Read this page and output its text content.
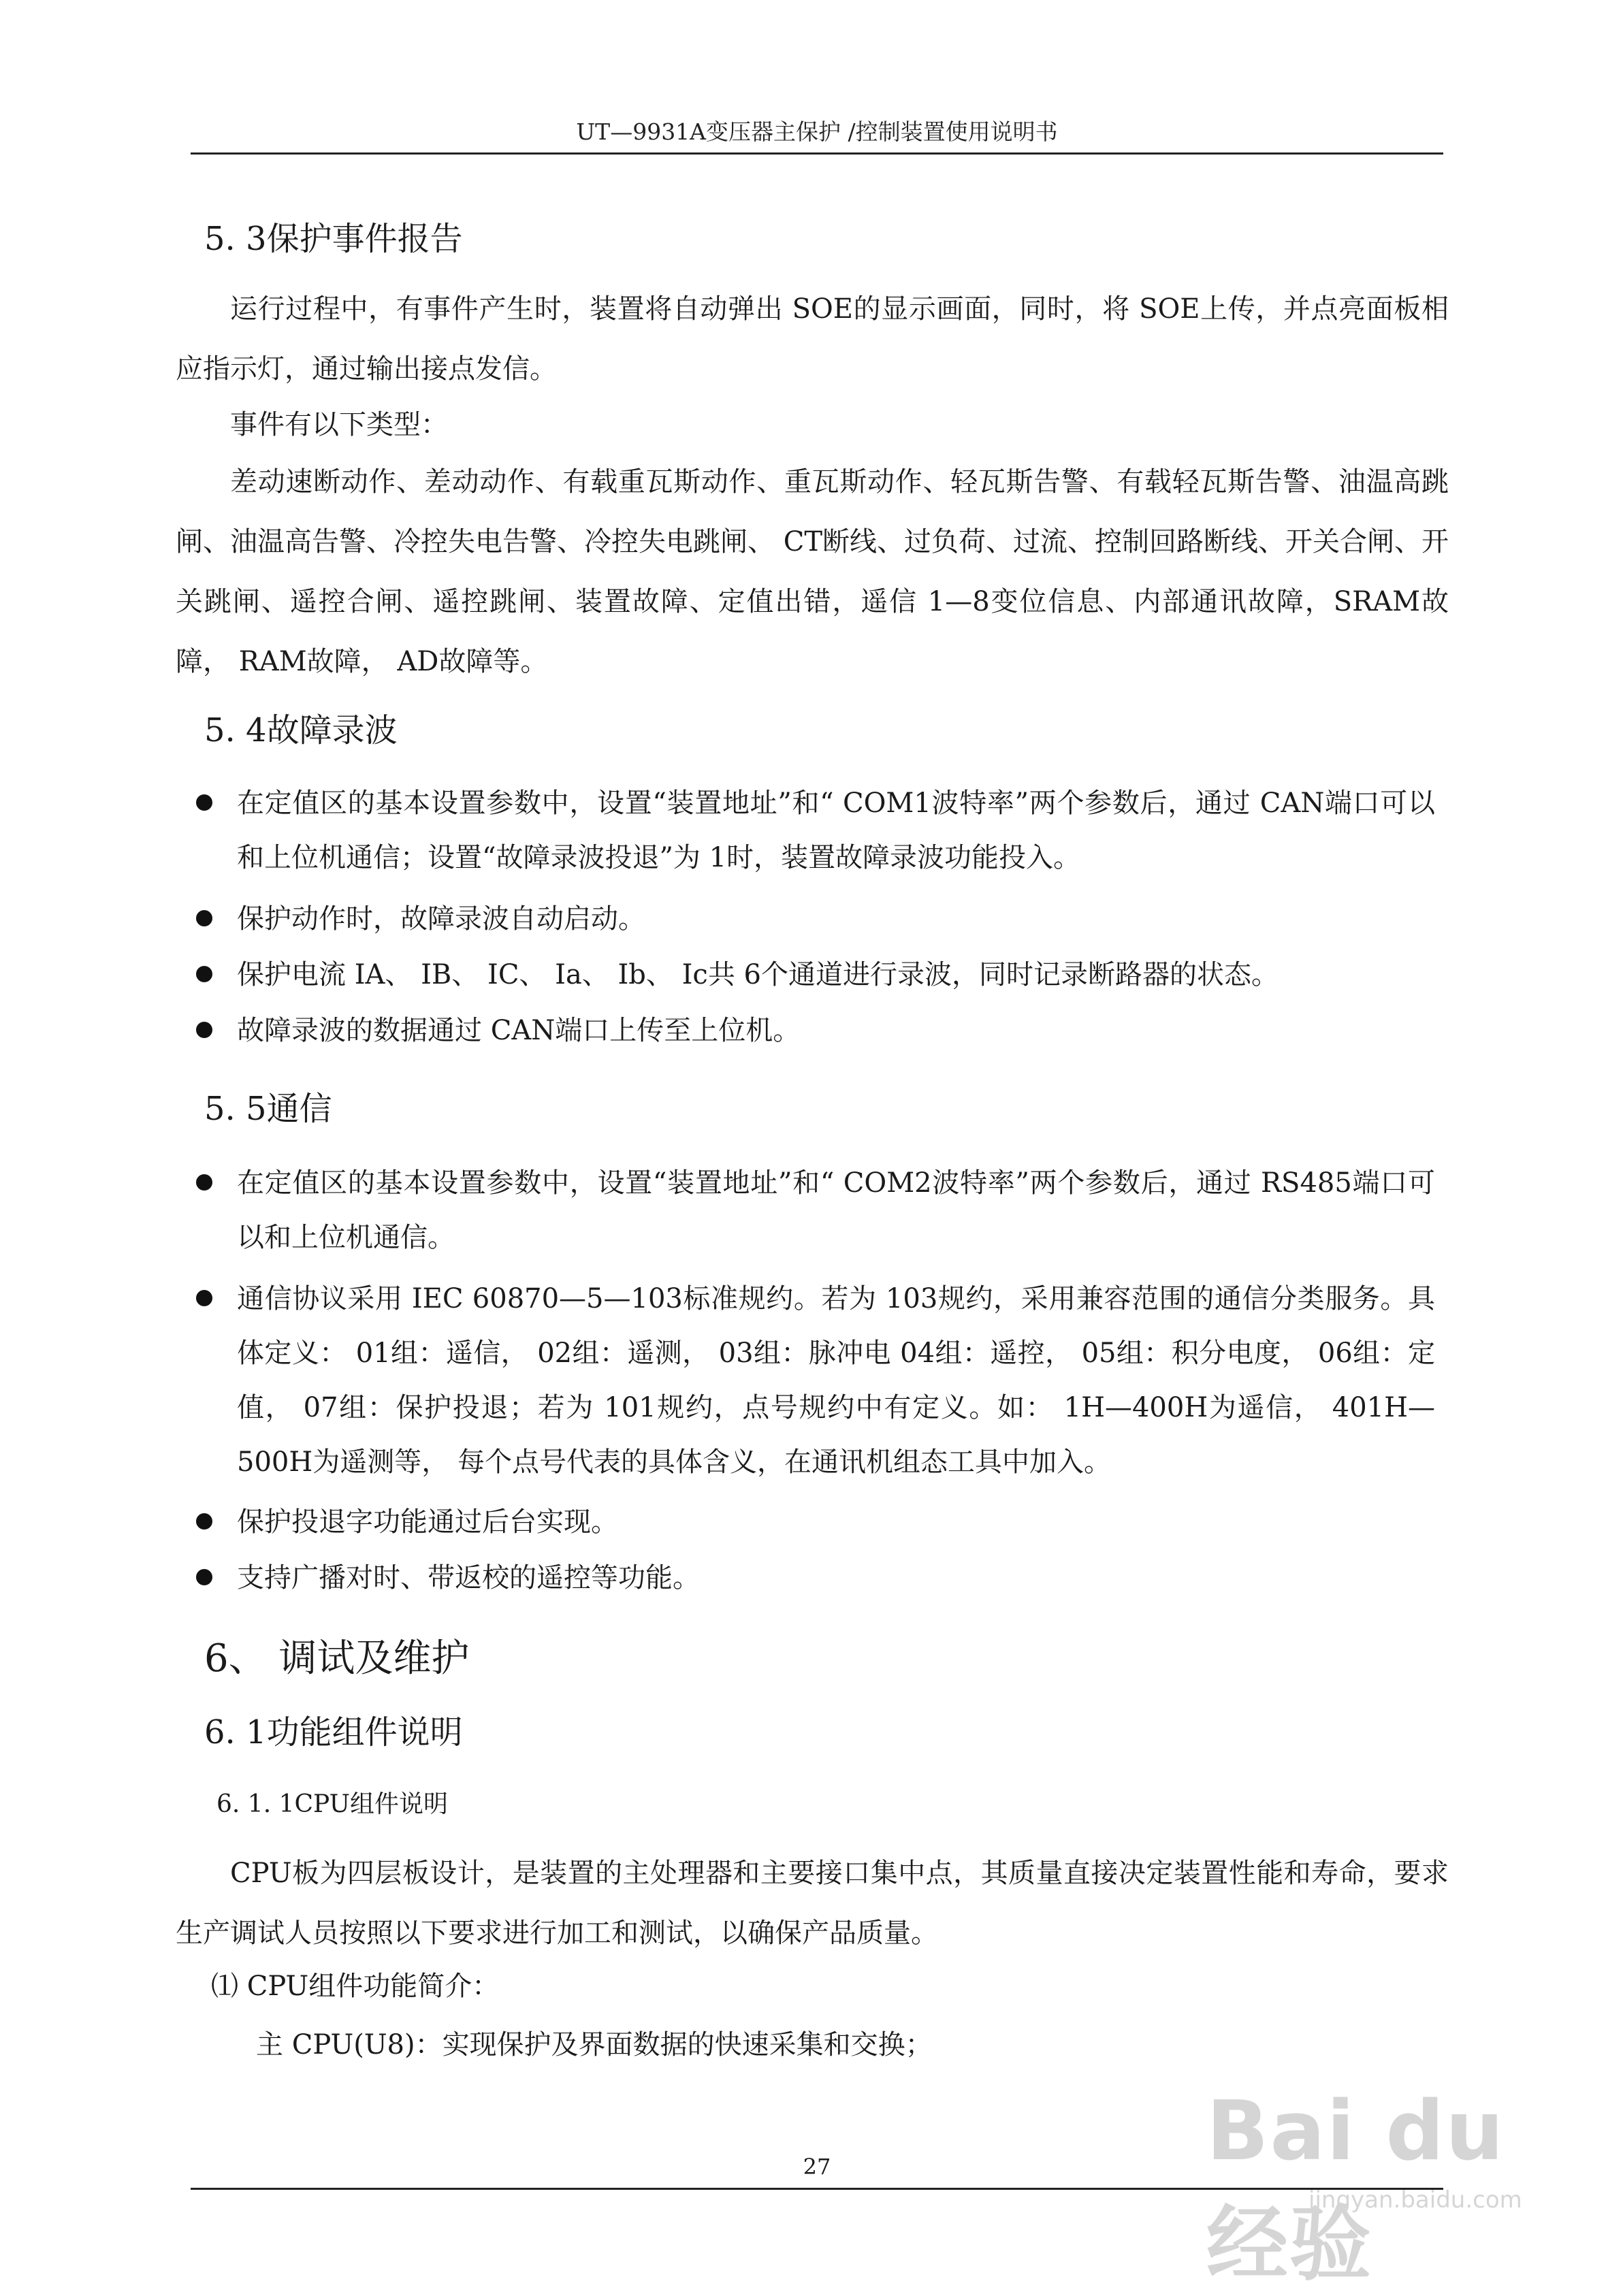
UT—9931A变压器主保护 /控制装置使用说明书
5. 3保护事件报告
运行过程中，有事件产生时，装置将自动弹出 SOE的显示画面，同时，将 SOE上传，并点亮面板相应指示灯，通过输出接点发信。
事件有以下类型：
差动速断动作、差动动作、有载重瓦斯动作、重瓦斯动作、轻瓦斯告警、有载轻瓦斯告警、油温高跳闸、油温高告警、冷控失电告警、冷控失电跳闸、 CT断线、过负荷、过流、控制回路断线、开关合闸、开关跳闸、遥控合闸、遥控跳闸、装置故障、定值出错，遥信 1—8变位信息、内部通讯故障，SRAM故障， RAM故障， AD故障等。
5. 4故障录波
在定值区的基本设置参数中，设置“装置地址”和“ COM1波特率”两个参数后，通过 CAN端口可以和上位机通信；设置“故障录波投退”为 1时，装置故障录波功能投入。
保护动作时，故障录波自动启动。
保护电流 IA、 IB、 IC、 Ia、 Ib、 Ic共 6个通道进行录波，同时记录断路器的状态。
故障录波的数据通过 CAN端口上传至上位机。
5. 5通信
在定值区的基本设置参数中，设置“装置地址”和“ COM2波特率”两个参数后，通过 RS485端口可以和上位机通信。
通信协议采用 IEC 60870—5—103标准规约。若为 103规约，采用兼容范围的通信分类服务。具体定义： 01组：遥信， 02组：遥测， 03组：脉冲电 04组：遥控， 05组：积分电度， 06组：定值， 07组：保护投退；若为 101规约，点号规约中有定义。如： 1H—400H为遥信， 401H—500H为遥测等， 每个点号代表的具体含义，在通讯机组态工具中加入。
保护投退字功能通过后台实现。
支持广播对时、带返校的遥控等功能。
6、 调试及维护
6. 1功能组件说明
6. 1. 1CPU组件说明
CPU板为四层板设计，是装置的主处理器和主要接口集中点，其质量直接决定装置性能和寿命，要求生产调试人员按照以下要求进行加工和测试，以确保产品质量。
⑴ CPU组件功能简介：
主 CPU(U8)：实现保护及界面数据的快速采集和交换；
27	Bai du 经验
jingyan.baidu.com
